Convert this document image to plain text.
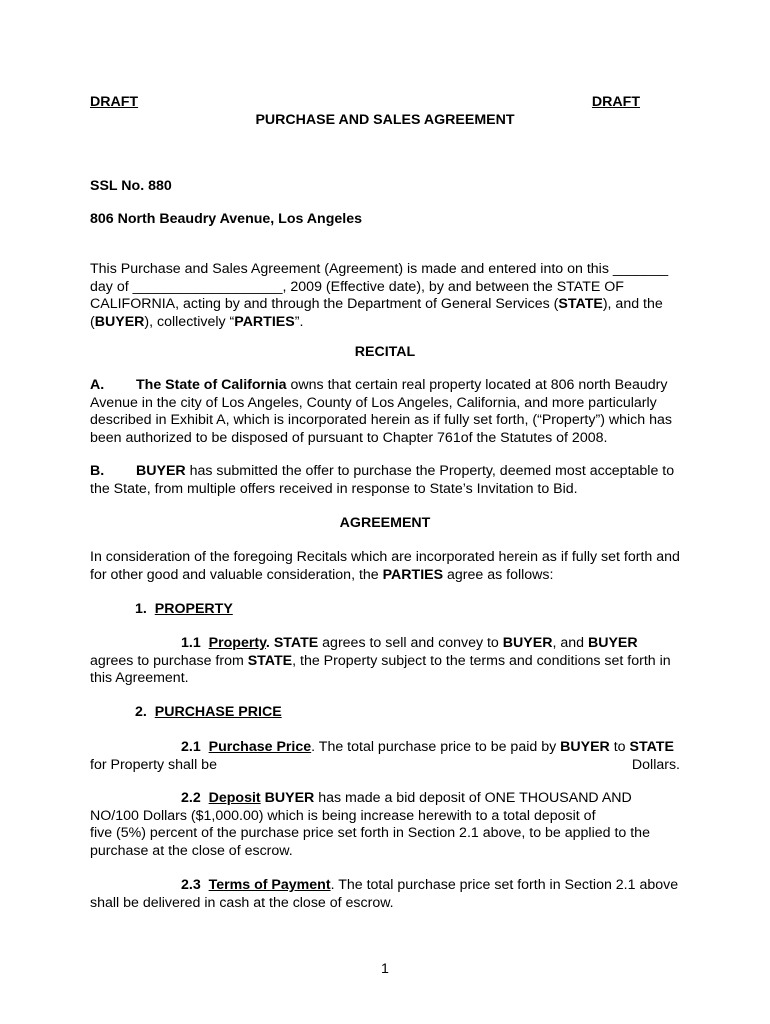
DRAFT	DRAFT
PURCHASE AND SALES AGREEMENT
SSL No. 880
806 North Beaudry Avenue, Los Angeles
This Purchase and Sales Agreement (Agreement) is made and entered into on this _______ day of ___________________, 2009 (Effective date), by and between the STATE OF CALIFORNIA, acting by and through the Department of General Services (STATE), and the (BUYER), collectively “PARTIES”.
RECITAL
A. The State of California owns that certain real property located at 806 north Beaudry Avenue in the city of Los Angeles, County of Los Angeles, California, and more particularly described in Exhibit A, which is incorporated herein as if fully set forth, (“Property”) which has been authorized to be disposed of pursuant to Chapter 761of the Statutes of 2008.
B. BUYER has submitted the offer to purchase the Property, deemed most acceptable to the State, from multiple offers received in response to State’s Invitation to Bid.
AGREEMENT
In consideration of the foregoing Recitals which are incorporated herein as if fully set forth and for other good and valuable consideration, the PARTIES agree as follows:
1. PROPERTY
1.1 Property. STATE agrees to sell and convey to BUYER, and BUYER agrees to purchase from STATE, the Property subject to the terms and conditions set forth in this Agreement.
2. PURCHASE PRICE
2.1 Purchase Price. The total purchase price to be paid by BUYER to STATE for Property shall be	Dollars.
2.2 Deposit BUYER has made a bid deposit of ONE THOUSAND AND NO/100 Dollars ($1,000.00) which is being increase herewith to a total deposit of
five (5%) percent of the purchase price set forth in Section 2.1 above, to be applied to the purchase at the close of escrow.
2.3 Terms of Payment. The total purchase price set forth in Section 2.1 above shall be delivered in cash at the close of escrow.
1
